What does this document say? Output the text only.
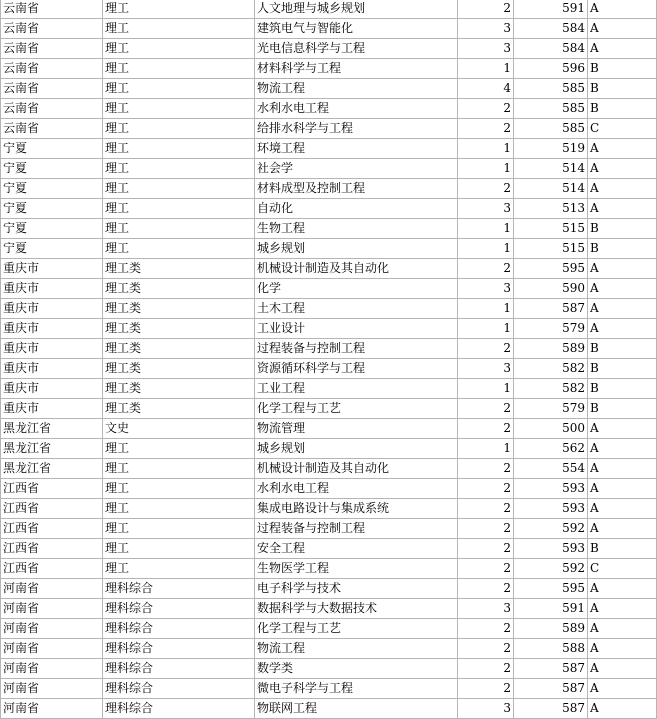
云南省	理工	人文地理与城乡规划	2	591	A
云南省	理工	建筑电气与智能化	3	584	A
云南省	理工	光电信息科学与工程	3	584	A
云南省	理工	材料科学与工程	1	596	B
云南省	理工	物流工程	4	585	B
云南省	理工	水利水电工程	2	585	B
云南省	理工	给排水科学与工程	2	585	C
宁夏	理工	环境工程	1	519	A
宁夏	理工	社会学	1	514	A
宁夏	理工	材料成型及控制工程	2	514	A
宁夏	理工	自动化	3	513	A
宁夏	理工	生物工程	1	515	B
宁夏	理工	城乡规划	1	515	B
重庆市	理工类	机械设计制造及其自动化	2	595	A
重庆市	理工类	化学	3	590	A
重庆市	理工类	土木工程	1	587	A
重庆市	理工类	工业设计	1	579	A
重庆市	理工类	过程装备与控制工程	2	589	B
重庆市	理工类	资源循环科学与工程	3	582	B
重庆市	理工类	工业工程	1	582	B
重庆市	理工类	化学工程与工艺	2	579	B
黑龙江省	文史	物流管理	2	500	A
黑龙江省	理工	城乡规划	1	562	A
黑龙江省	理工	机械设计制造及其自动化	2	554	A
江西省	理工	水利水电工程	2	593	A
江西省	理工	集成电路设计与集成系统	2	593	A
江西省	理工	过程装备与控制工程	2	592	A
江西省	理工	安全工程	2	593	B
江西省	理工	生物医学工程	2	592	C
河南省	理科综合	电子科学与技术	2	595	A
河南省	理科综合	数据科学与大数据技术	3	591	A
河南省	理科综合	化学工程与工艺	2	589	A
河南省	理科综合	物流工程	2	588	A
河南省	理科综合	数学类	2	587	A
河南省	理科综合	微电子科学与工程	2	587	A
河南省	理科综合	物联网工程	3	587	A
